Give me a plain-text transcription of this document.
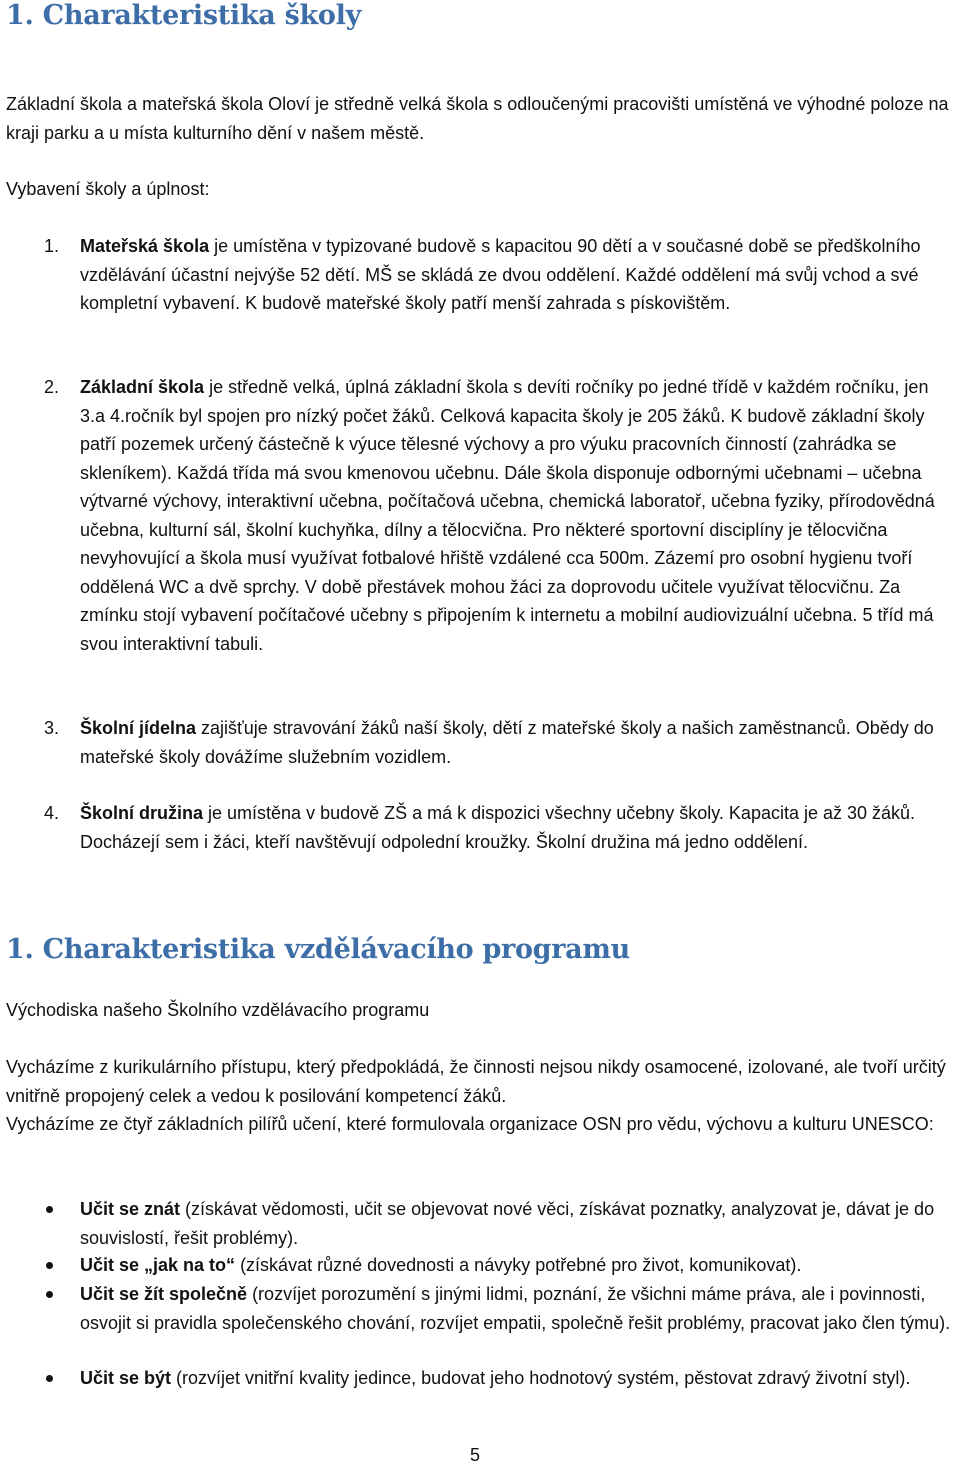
1. Charakteristika školy

Základní škola a mateřská škola Oloví je středně velká škola s odloučenými pracovišti umístěná ve výhodné poloze na kraji parku a u místa kulturního dění v našem městě.

Vybavení školy a úplnost:

1. Mateřská škola je umístěna v typizované budově s kapacitou 90 dětí a v současné době se předškolního vzdělávání účastní nejvýše 52 dětí. MŠ se skládá ze dvou oddělení. Každé oddělení má svůj vchod a své kompletní vybavení. K budově mateřské školy patří menší zahrada s pískovištěm.
2. Základní škola je středně velká, úplná základní škola s devíti ročníky po jedné třídě v každém ročníku, jen 3.a 4.ročník byl spojen pro nízký počet žáků. Celková kapacita školy je 205 žáků. K budově základní školy patří pozemek určený částečně k výuce tělesné výchovy a pro výuku pracovních činností (zahrádka se skleníkem). Každá třída má svou kmenovou učebnu. Dále škola disponuje odbornými učebnami – učebna výtvarné výchovy, interaktivní učebna, počítačová učebna, chemická laboratoř, učebna fyziky, přírodovědná učebna, kulturní sál, školní kuchyňka, dílny a tělocvična. Pro některé sportovní disciplíny je tělocvična nevyhovující a škola musí využívat fotbalové hřiště vzdálené cca 500m. Zázemí pro osobní hygienu tvoří oddělená WC a dvě sprchy. V době přestávek mohou žáci za doprovodu učitele využívat tělocvičnu. Za zmínku stojí vybavení počítačové učebny s připojením k internetu a mobilní audiovizuální učebna. 5 tříd má svou interaktivní tabuli.
3. Školní jídelna zajišťuje stravování žáků naší školy, dětí z mateřské školy a našich zaměstnanců. Obědy do mateřské školy dovážíme služebním vozidlem.
4. Školní družina je umístěna v budově ZŠ a má k dispozici všechny učebny školy. Kapacita je až 30 žáků. Docházejí sem i žáci, kteří navštěvují odpolední kroužky. Školní družina má jedno oddělení.
1. Charakteristika vzdělávacího programu

Východiska našeho Školního vzdělávacího programu

Vycházíme z kurikulárního přístupu, který předpokládá, že činnosti nejsou nikdy osamocené, izolované, ale tvoří určitý vnitřně propojený celek a vedou k posilování kompetencí žáků.

Vycházíme ze čtyř základních pilířů učení, které formulovala organizace OSN pro vědu, výchovu a kulturu UNESCO:

Učit se znát (získávat vědomosti, učit se objevovat nové věci, získávat poznatky, analyzovat je, dávat je do souvislostí, řešit problémy).
Učit se „jak na to“ (získávat různé dovednosti a návyky potřebné pro život, komunikovat).
Učit se žít společně (rozvíjet porozumění s jinými lidmi, poznání, že všichni máme práva, ale i povinnosti, osvojit si pravidla společenského chování, rozvíjet empatii, společně řešit problémy, pracovat jako člen týmu).
Učit se být (rozvíjet vnitřní kvality jedince, budovat jeho hodnotový systém, pěstovat zdravý životní styl).
5
